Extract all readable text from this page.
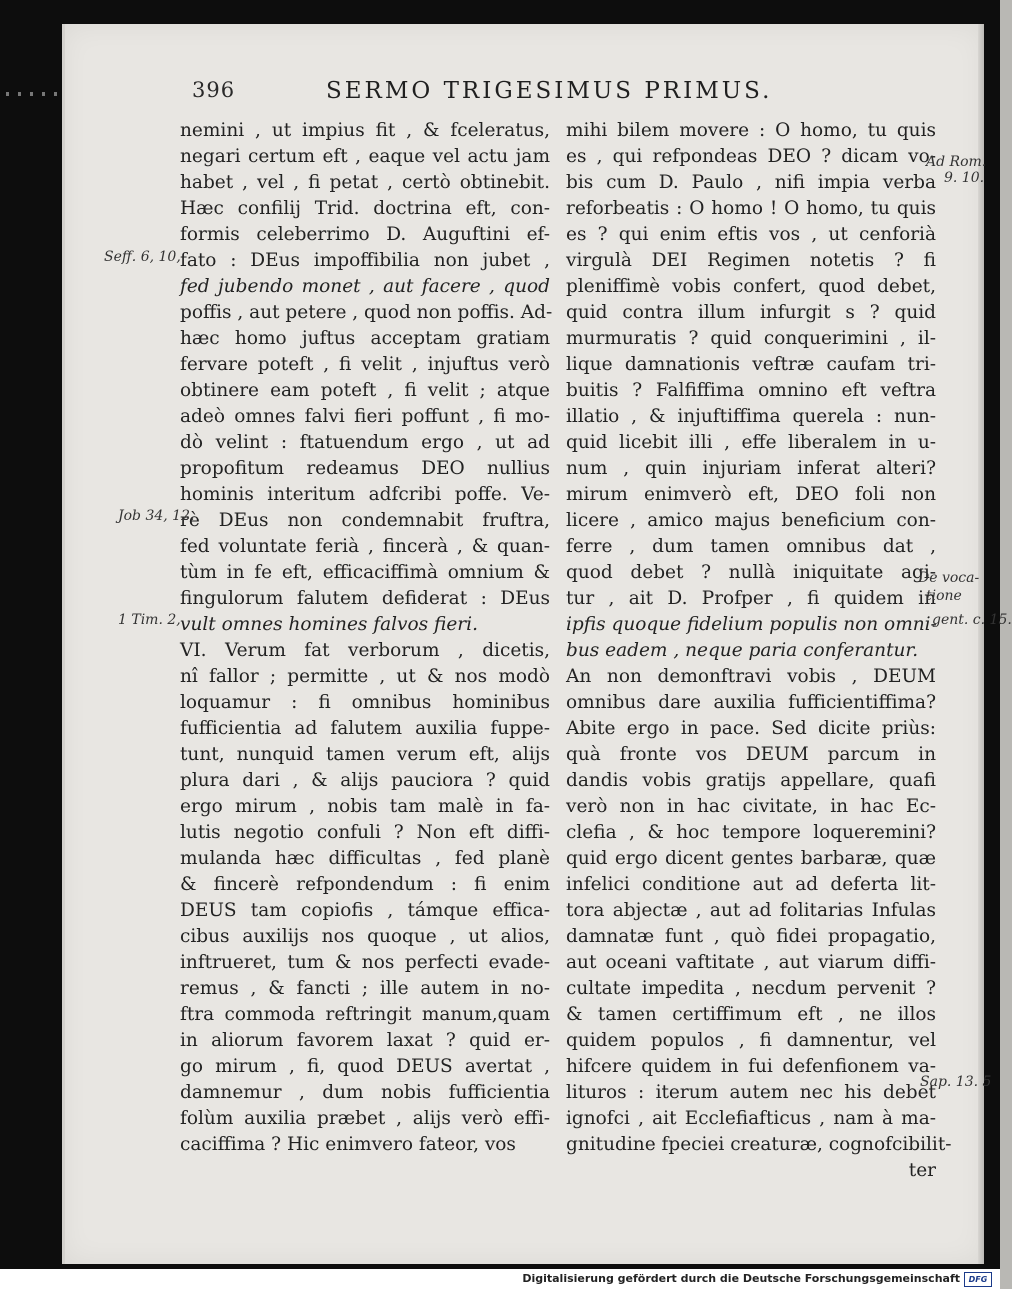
396	SERMO TRIGESIMUS PRIMUS.
nemini , ut impius fit , & fceleratus,
negari certum eft , eaque vel actu jam
habet , vel , fi petat , certò obtinebit.
Hæc confilij Trid. doctrina eft, con-
formis celeberrimo D. Auguftini ef-
fato : DEus impoffibilia non jubet ,
fed jubendo monet , aut facere , quod
poffis , aut petere , quod non poffis. Ad-
hæc homo juftus acceptam gratiam
fervare poteft , fi velit , injuftus verò
obtinere eam poteft , fi velit ; atque
adeò omnes falvi fieri poffunt , fi mo-
dò velint : ftatuendum ergo , ut ad
propofitum redeamus DEO nullius
hominis interitum adfcribi poffe. Ve-
rè DEus non condemnabit fruftra,
fed voluntate ferià , fincerà , & quan-
tùm in fe eft, efficaciffimà omnium &
fingulorum falutem defiderat : DEus
vult omnes homines falvos fieri.
VI. Verum fat verborum , dicetis,
nî fallor ; permitte , ut & nos modò
loquamur : fi omnibus hominibus
fufficientia ad falutem auxilia fuppe-
tunt, nunquid tamen verum eft, alijs
plura dari , & alijs pauciora ? quid
ergo mirum , nobis tam malè in fa-
lutis negotio confuli ? Non eft diffi-
mulanda hæc difficultas , fed planè
& fincerè refpondendum : fi enim
DEUS tam copiofis , támque effica-
cibus auxilijs nos quoque , ut alios,
inftrueret, tum & nos perfecti evade-
remus , & fancti ; ille autem in no-
ftra commoda reftringit manum,quam
in aliorum favorem laxat ? quid er-
go mirum , fi, quod DEUS avertat ,
damnemur , dum nobis fufficientia
folùm auxilia præbet , alijs verò effi-
caciffima ? Hic enimvero fateor, vos
mihi bilem movere : O homo, tu quis
es , qui refpondeas DEO ? dicam vo-
bis cum D. Paulo , nifi impia verba
reforbeatis : O homo ! O homo, tu quis
es ? qui enim eftis vos , ut cenforià
virgulà DEI Regimen notetis ? fi
pleniffimè vobis confert, quod debet,
quid contra illum infurgit s ? quid
murmuratis ? quid conquerimini , il-
lique damnationis veftræ caufam tri-
buitis ? Falfiffima omnino eft veftra
illatio , & injuftiffima querela : nun-
quid licebit illi , effe liberalem in u-
num , quin injuriam inferat alteri?
mirum enimverò eft, DEO foli non
licere , amico majus beneficium con-
ferre , dum tamen omnibus dat ,
quod debet ? nullà iniquitate agi-
tur , ait D. Profper , fi quidem in
ipfis quoque fidelium populis non omni-
bus eadem , neque paria conferantur.
An non demonftravi vobis , DEUM
omnibus dare auxilia fufficientiffima?
Abite ergo in pace. Sed dicite priùs:
quà fronte vos DEUM parcum in
dandis vobis gratijs appellare, quafi
verò non in hac civitate, in hac Ec-
clefia , & hoc tempore loqueremini?
quid ergo dicent gentes barbaræ, quæ
infelici conditione aut ad deferta lit-
tora abjectæ , aut ad folitarias Infulas
damnatæ funt , quò fidei propagatio,
aut oceani vaftitate , aut viarum diffi-
cultate impedita , necdum pervenit ?
& tamen certiffimum eft , ne illos
quidem populos , fi damnentur, vel
hifcere quidem in fui defenfionem va-
lituros : iterum autem nec his debet
ignofci , ait Ecclefiafticus , nam à ma-
gnitudine fpeciei creaturæ, cognofcibilit-
ter
Seff. 6, 10,
Job 34, 12.
1 Tim. 2,
Ad Rom.
9. 10.
De voca-
tione
gent. c. 15.
Sap. 13. 5
Digitalisierung gefördert durch die Deutsche Forschungsgemeinschaft	DFG
